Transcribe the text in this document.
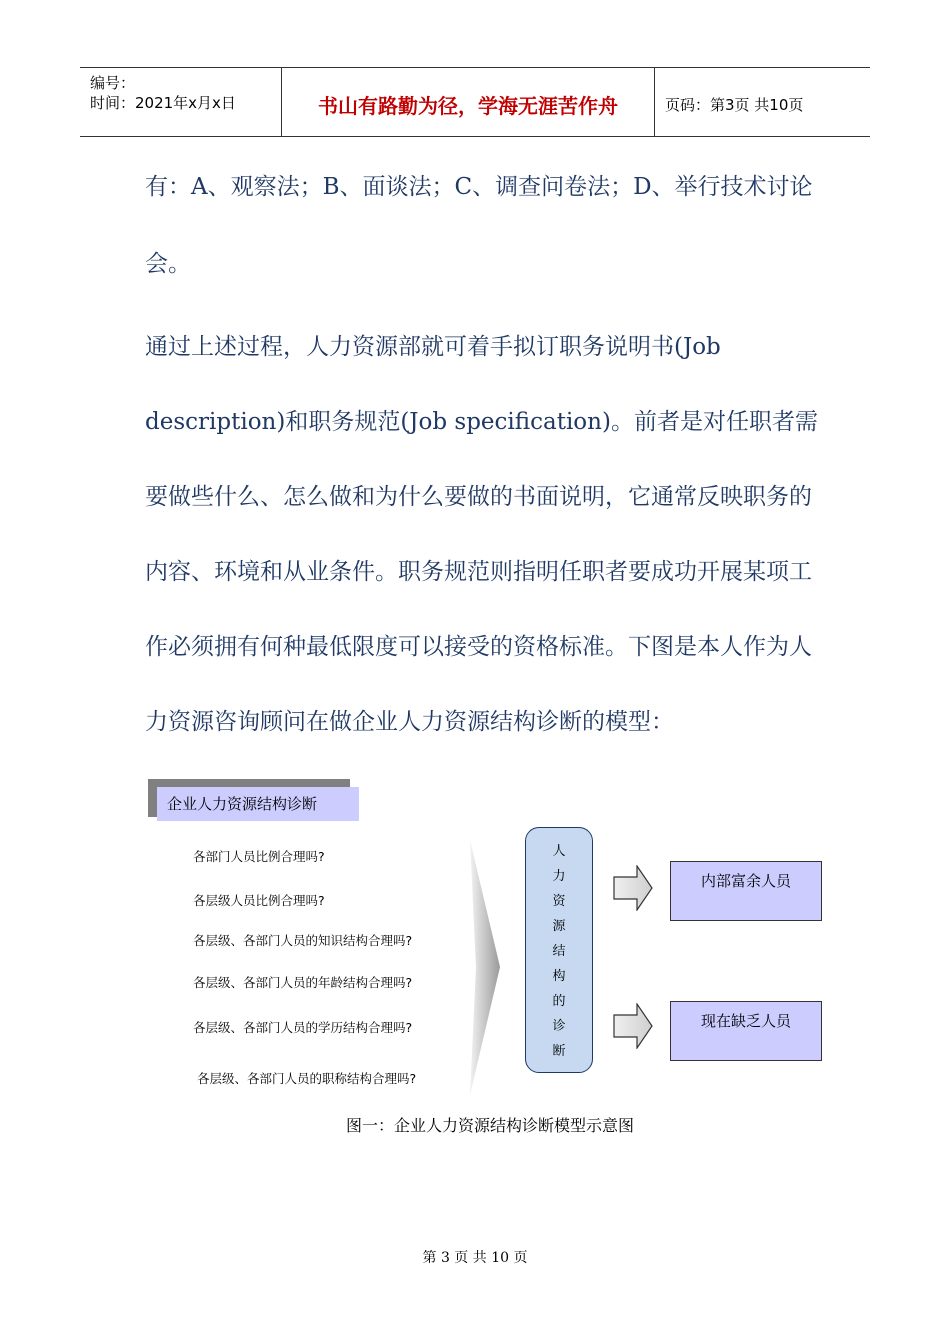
编号：
时间：2021年x月x日	书山有路勤为径，学海无涯苦作舟	页码：第3页 共10页
有：A、观察法；B、面谈法；C、调查问卷法；D、举行技术讨论
会。
通过上述过程，人力资源部就可着手拟订职务说明书(Job
description)和职务规范(Job specification)。前者是对任职者需
要做些什么、怎么做和为什么要做的书面说明，它通常反映职务的
内容、环境和从业条件。职务规范则指明任职者要成功开展某项工
作必须拥有何种最低限度可以接受的资格标准。下图是本人作为人
力资源咨询顾问在做企业人力资源结构诊断的模型：
企业人力资源结构诊断
各部门人员比例合理吗?
各层级人员比例合理吗?
各层级、各部门人员的知识结构合理吗?
各层级、各部门人员的年龄结构合理吗?
各层级、各部门人员的学历结构合理吗?
各层级、各部门人员的职称结构合理吗?
人
力
资
源
结
构
的
诊
断
内部富余人员
现在缺乏人员
图一：企业人力资源结构诊断模型示意图
第 3 页 共 10 页
